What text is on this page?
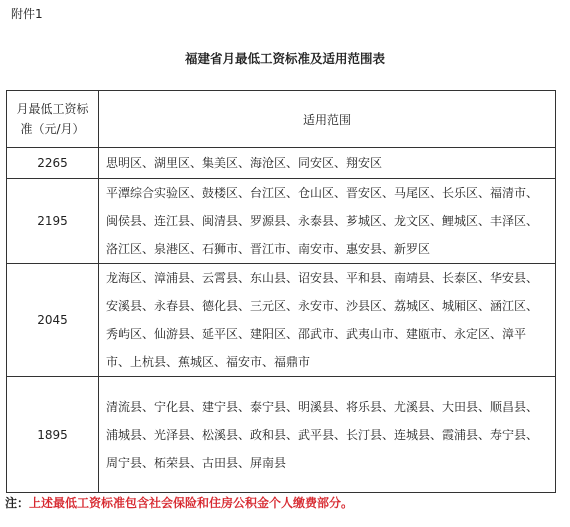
附件1
福建省月最低工资标准及适用范围表
月最低工资标准（元/月）	适用范围
2265	思明区、湖里区、集美区、海沧区、同安区、翔安区
2195	平潭综合实验区、鼓楼区、台江区、仓山区、晋安区、马尾区、长乐区、福清市、闽侯县、连江县、闽清县、罗源县、永泰县、芗城区、龙文区、鲤城区、丰泽区、洛江区、泉港区、石狮市、晋江市、南安市、惠安县、新罗区
2045	龙海区、漳浦县、云霄县、东山县、诏安县、平和县、南靖县、长泰区、华安县、安溪县、永春县、德化县、三元区、永安市、沙县区、荔城区、城厢区、涵江区、秀屿区、仙游县、延平区、建阳区、邵武市、武夷山市、建瓯市、永定区、漳平市、上杭县、蕉城区、福安市、福鼎市
1895	清流县、宁化县、建宁县、泰宁县、明溪县、将乐县、尤溪县、大田县、顺昌县、浦城县、光泽县、松溪县、政和县、武平县、长汀县、连城县、霞浦县、寿宁县、周宁县、柘荣县、古田县、屏南县
注：上述最低工资标准包含社会保险和住房公积金个人缴费部分。
